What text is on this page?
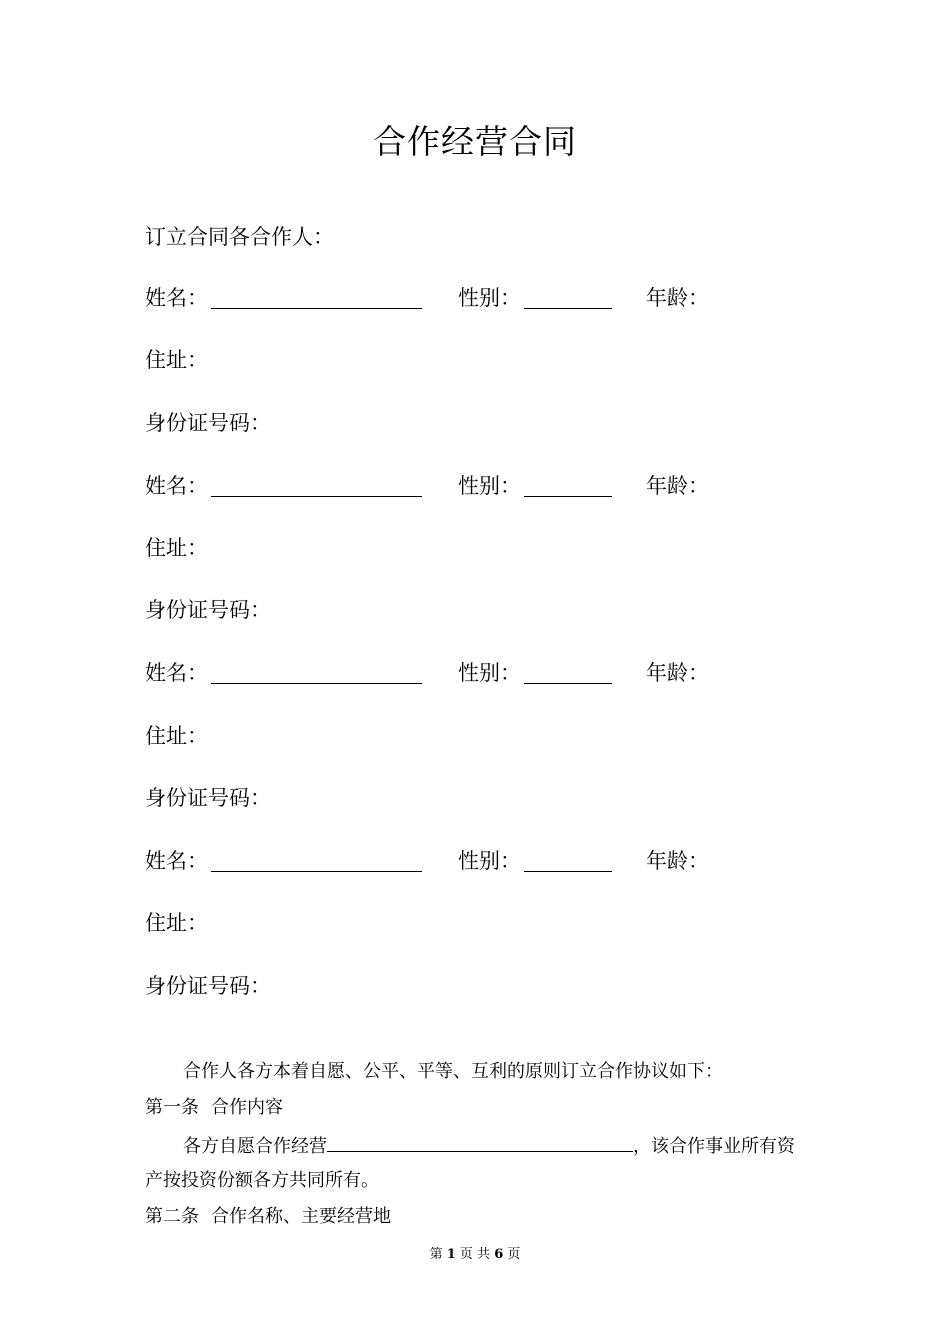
合作经营合同
订立合同各合作人：
姓名：	性别：	年龄：
住址：
身份证号码：
姓名：	性别：	年龄：
住址：
身份证号码：
姓名：	性别：	年龄：
住址：
身份证号码：
姓名：	性别：	年龄：
住址：
身份证号码：
合作人各方本着自愿、公平、平等、互利的原则订立合作协议如下：
第一条 合作内容
各方自愿合作经营	，该合作事业所有资
产按投资份额各方共同所有。
第二条 合作名称、主要经营地
第 1 页 共 6 页
